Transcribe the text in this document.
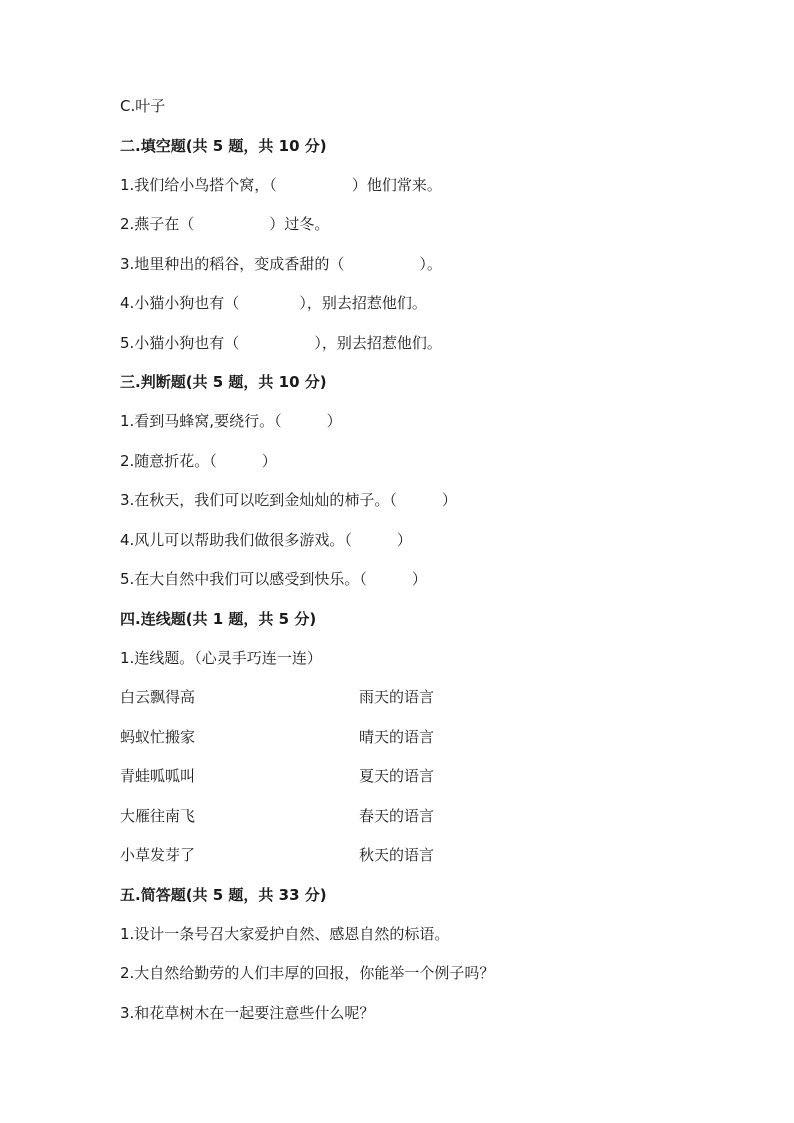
C.叶子
二.填空题(共 5 题，共 10 分)
1.我们给小鸟搭个窝，（　　　　　）他们常来。
2.燕子在（　　　　　）过冬。
3.地里种出的稻谷，变成香甜的（　　　　　）。
4.小猫小狗也有（　　　　），别去招惹他们。
5.小猫小狗也有（　　　　　），别去招惹他们。
三.判断题(共 5 题，共 10 分)
1.看到马蜂窝,要绕行。（　　　）
2.随意折花。（　　　）
3.在秋天，我们可以吃到金灿灿的柿子。（　　　）
4.风儿可以帮助我们做很多游戏。（　　　）
5.在大自然中我们可以感受到快乐。（　　　）
四.连线题(共 1 题，共 5 分)
1.连线题。（心灵手巧连一连）
白云飘得高	雨天的语言
蚂蚁忙搬家	晴天的语言
青蛙呱呱叫	夏天的语言
大雁往南飞	春天的语言
小草发芽了	秋天的语言
五.简答题(共 5 题，共 33 分)
1.设计一条号召大家爱护自然、感恩自然的标语。
2.大自然给勤劳的人们丰厚的回报，你能举一个例子吗？
3.和花草树木在一起要注意些什么呢？
